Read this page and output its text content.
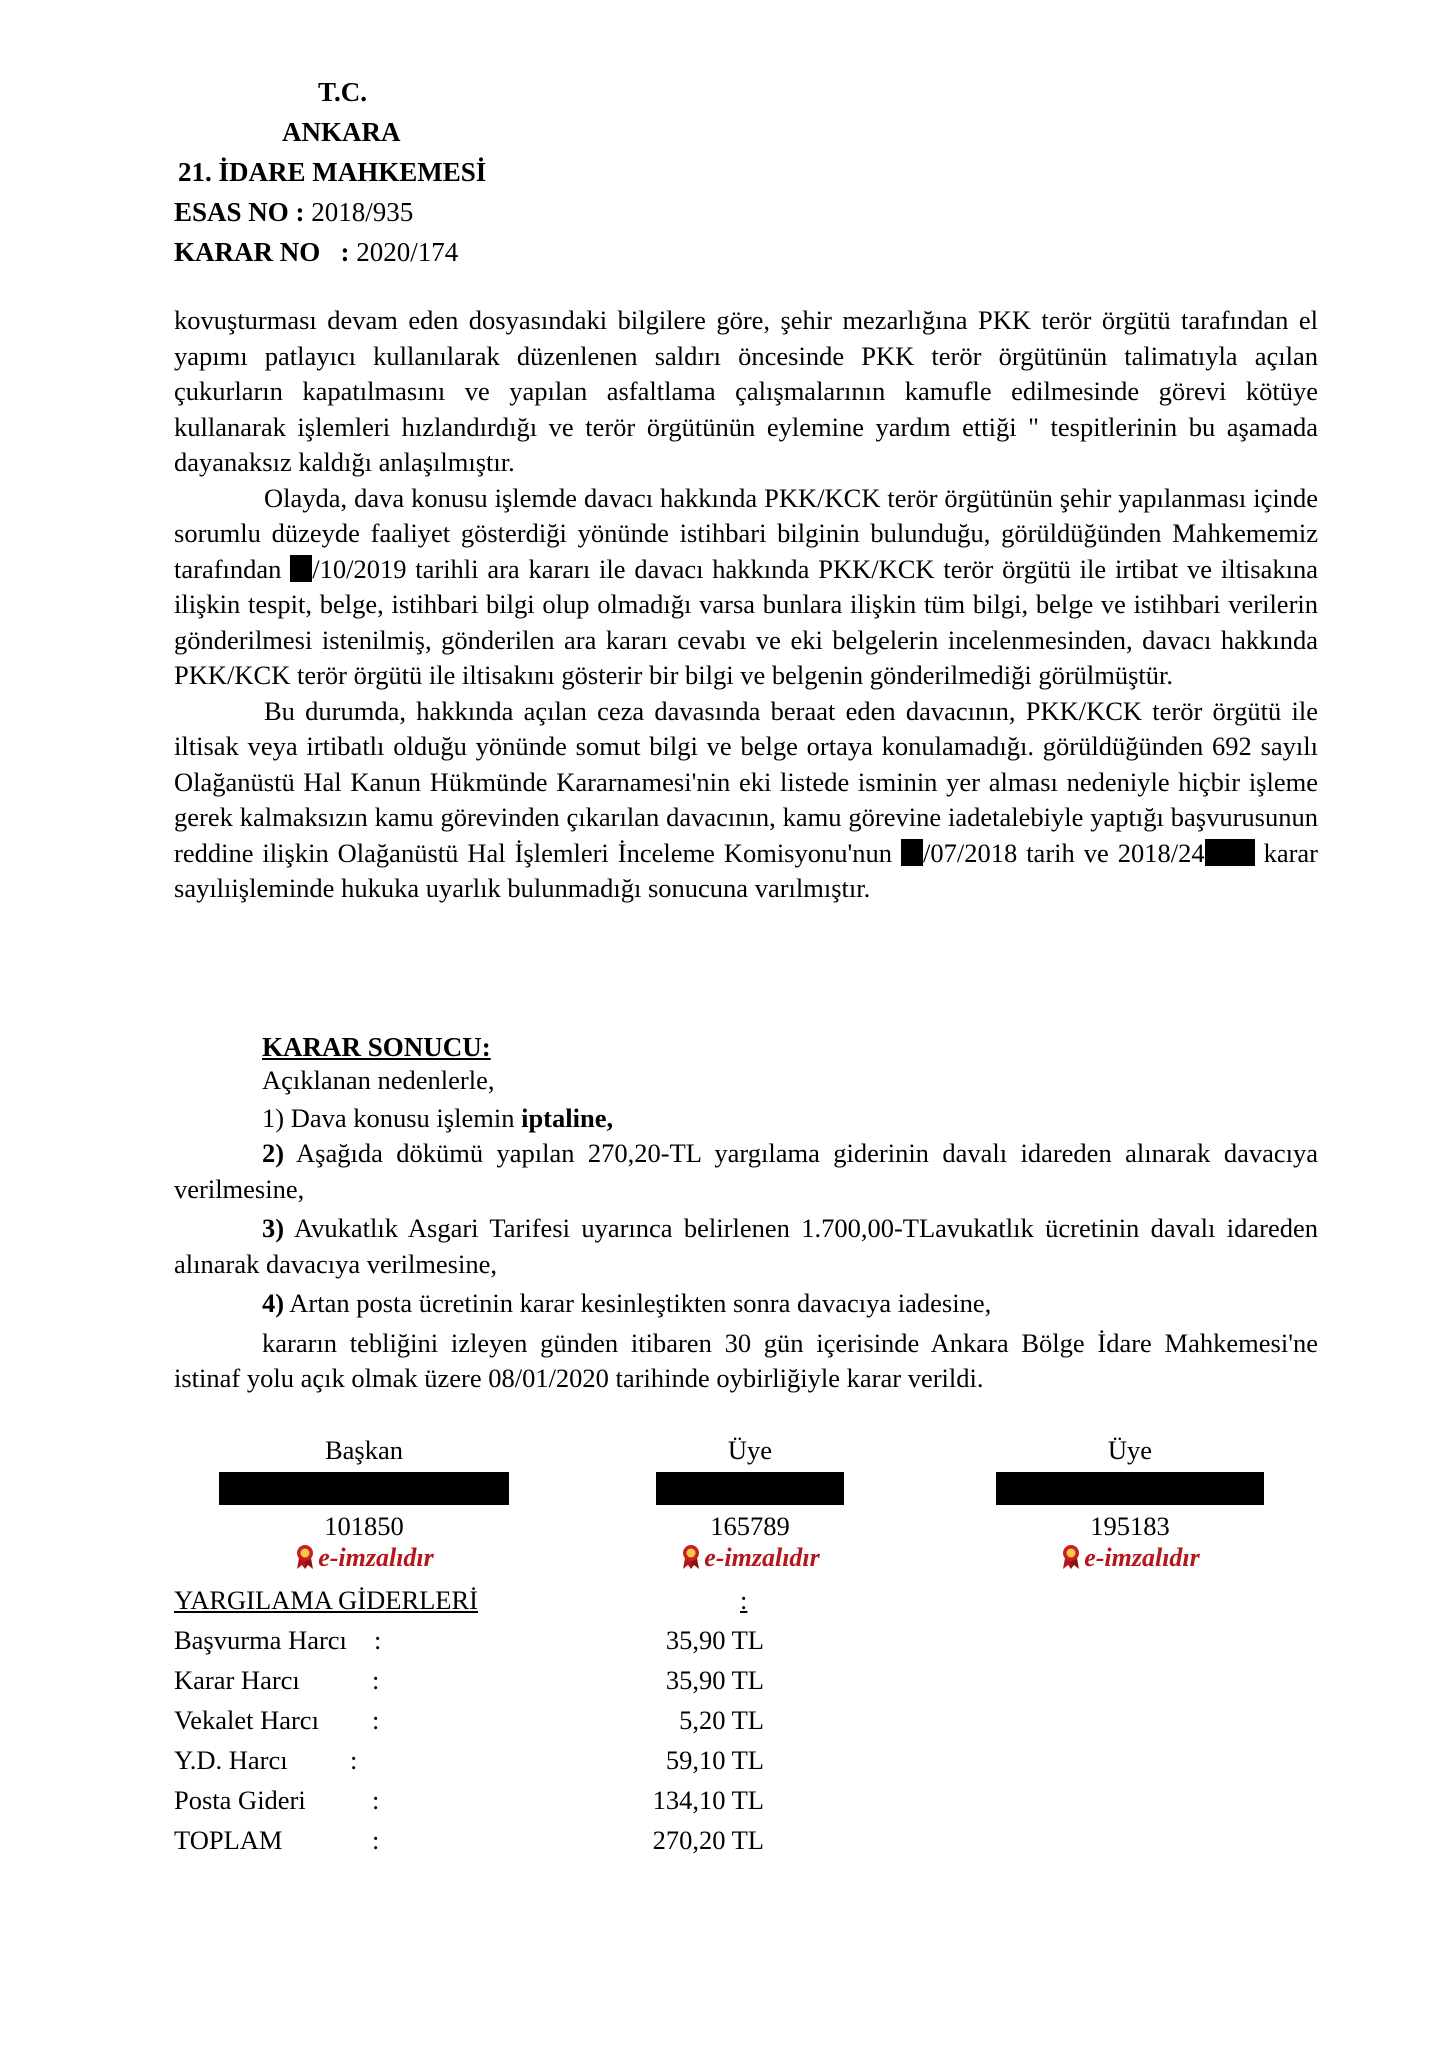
T.C.
ANKARA
21. İDARE MAHKEMESİ
ESAS NO : 2018/935
KARAR NO   : 2020/174

kovuşturması devam eden dosyasındaki bilgilere göre, şehir mezarlığına PKK terör örgütü tarafından el yapımı patlayıcı kullanılarak düzenlenen saldırı öncesinde PKK terör örgütünün talimatıyla açılan çukurların kapatılmasını ve yapılan asfaltlama çalışmalarının kamufle edilmesinde görevi kötüye kullanarak işlemleri hızlandırdığı ve terör örgütünün eylemine yardım ettiği " tespitlerinin bu aşamada dayanaksız kaldığı anlaşılmıştır.

Olayda, dava konusu işlemde davacı hakkında PKK/KCK terör örgütünün şehir yapılanması içinde sorumlu düzeyde faaliyet gösterdiği yönünde istihbari bilginin bulunduğu, görüldüğünden Mahkememiz tarafından /10/2019 tarihli ara kararı ile davacı hakkında PKK/KCK terör örgütü ile irtibat ve iltisakına ilişkin tespit, belge, istihbari bilgi olup olmadığı varsa bunlara ilişkin tüm bilgi, belge ve istihbari verilerin gönderilmesi istenilmiş, gönderilen ara kararı cevabı ve eki belgelerin incelenmesinden, davacı hakkında PKK/KCK terör örgütü ile iltisakını gösterir bir bilgi ve belgenin gönderilmediği görülmüştür.

Bu durumda, hakkında açılan ceza davasında beraat eden davacının, PKK/KCK terör örgütü ile iltisak veya irtibatlı olduğu yönünde somut bilgi ve belge ortaya konulamadığı. görüldüğünden 692 sayılı Olağanüstü Hal Kanun Hükmünde Kararnamesi'nin eki listede isminin yer alması nedeniyle hiçbir işleme gerek kalmaksızın kamu görevinden çıkarılan davacının, kamu görevine iadetalebiyle yaptığı başvurusunun reddine ilişkin Olağanüstü Hal İşlemleri İnceleme Komisyonu'nun /07/2018 tarih ve 2018/24 karar sayılıişleminde hukuka uyarlık bulunmadığı sonucuna varılmıştır.

KARAR SONUCU:
Açıklanan nedenlerle,
1) Dava konusu işlemin iptaline,

2) Aşağıda dökümü yapılan 270,20-TL yargılama giderinin davalı idareden alınarak davacıya verilmesine,

3) Avukatlık Asgari Tarifesi uyarınca belirlenen 1.700,00-TLavukatlık ücretinin davalı idareden alınarak davacıya verilmesine,

4) Artan posta ücretinin karar kesinleştikten sonra davacıya iadesine,

kararın tebliğini izleyen günden itibaren 30 gün içerisinde Ankara Bölge İdare Mahkemesi'ne istinaf yolu açık olmak üzere 08/01/2020 tarihinde oybirliğiyle karar verildi.

Başkan
101850
e-imzalıdır
Üye
165789
e-imzalıdır
Üye
195183
e-imzalıdır
YARGILAMA GİDERLERİ	:
Başvurma Harcı :	35,90 TL
Karar Harcı	:	35,90 TL
Vekalet Harcı :	5,20 TL
Y.D. Harcı :	59,10 TL
Posta Gideri	:	134,10 TL
TOPLAM	:	270,20 TL
